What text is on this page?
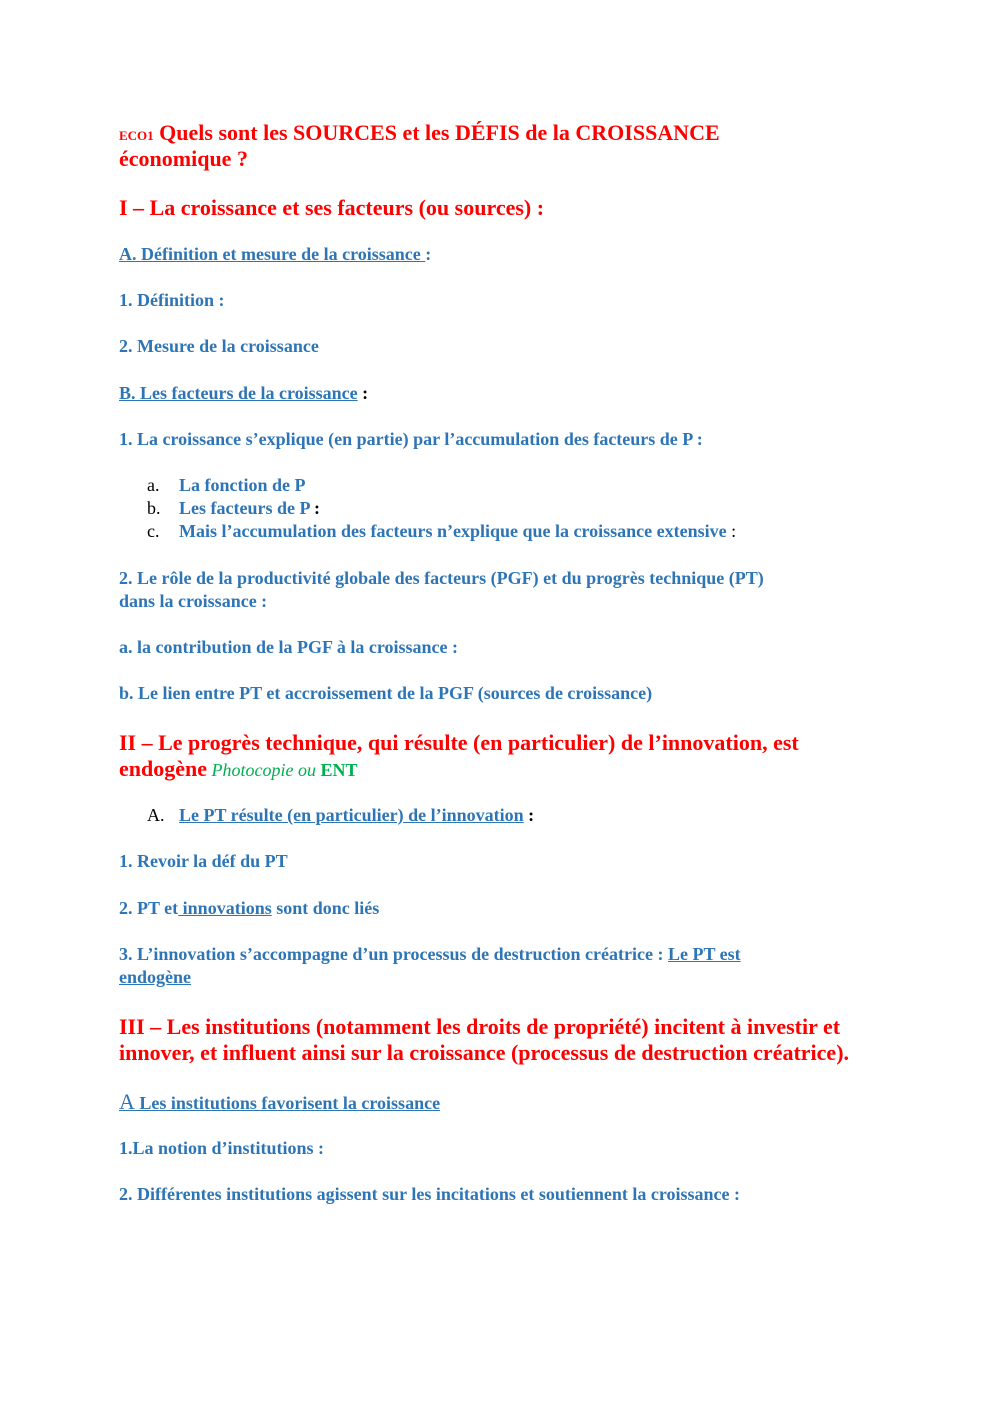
ECO1 Quels sont les SOURCES et les DÉFIS de la CROISSANCE
économique ?
I – La croissance et ses facteurs (ou sources) :
A. Définition et mesure de la croissance :
1. Définition :
2. Mesure de la croissance
B. Les facteurs de la croissance :
1. La croissance s’explique (en partie) par l’accumulation des facteurs de P :
a. La fonction de P
b. Les facteurs de P :
c. Mais l’accumulation des facteurs n’explique que la croissance extensive :
2. Le rôle de la productivité globale des facteurs (PGF) et du progrès technique (PT)
dans la croissance :
a. la contribution de la PGF à la croissance :
b. Le lien entre PT et accroissement de la PGF (sources de croissance)
II – Le progrès technique, qui résulte (en particulier) de l’innovation, est
endogène Photocopie ou ENT
A. Le PT résulte (en particulier) de l’innovation :
1. Revoir la déf du PT
2. PT et innovations sont donc liés
3. L’innovation s’accompagne d’un processus de destruction créatrice : Le PT est
endogène
III – Les institutions (notamment les droits de propriété) incitent à investir et
innover, et influent ainsi sur la croissance (processus de destruction créatrice).
A Les institutions favorisent la croissance
1.La notion d’institutions :
2. Différentes institutions agissent sur les incitations et soutiennent la croissance :
